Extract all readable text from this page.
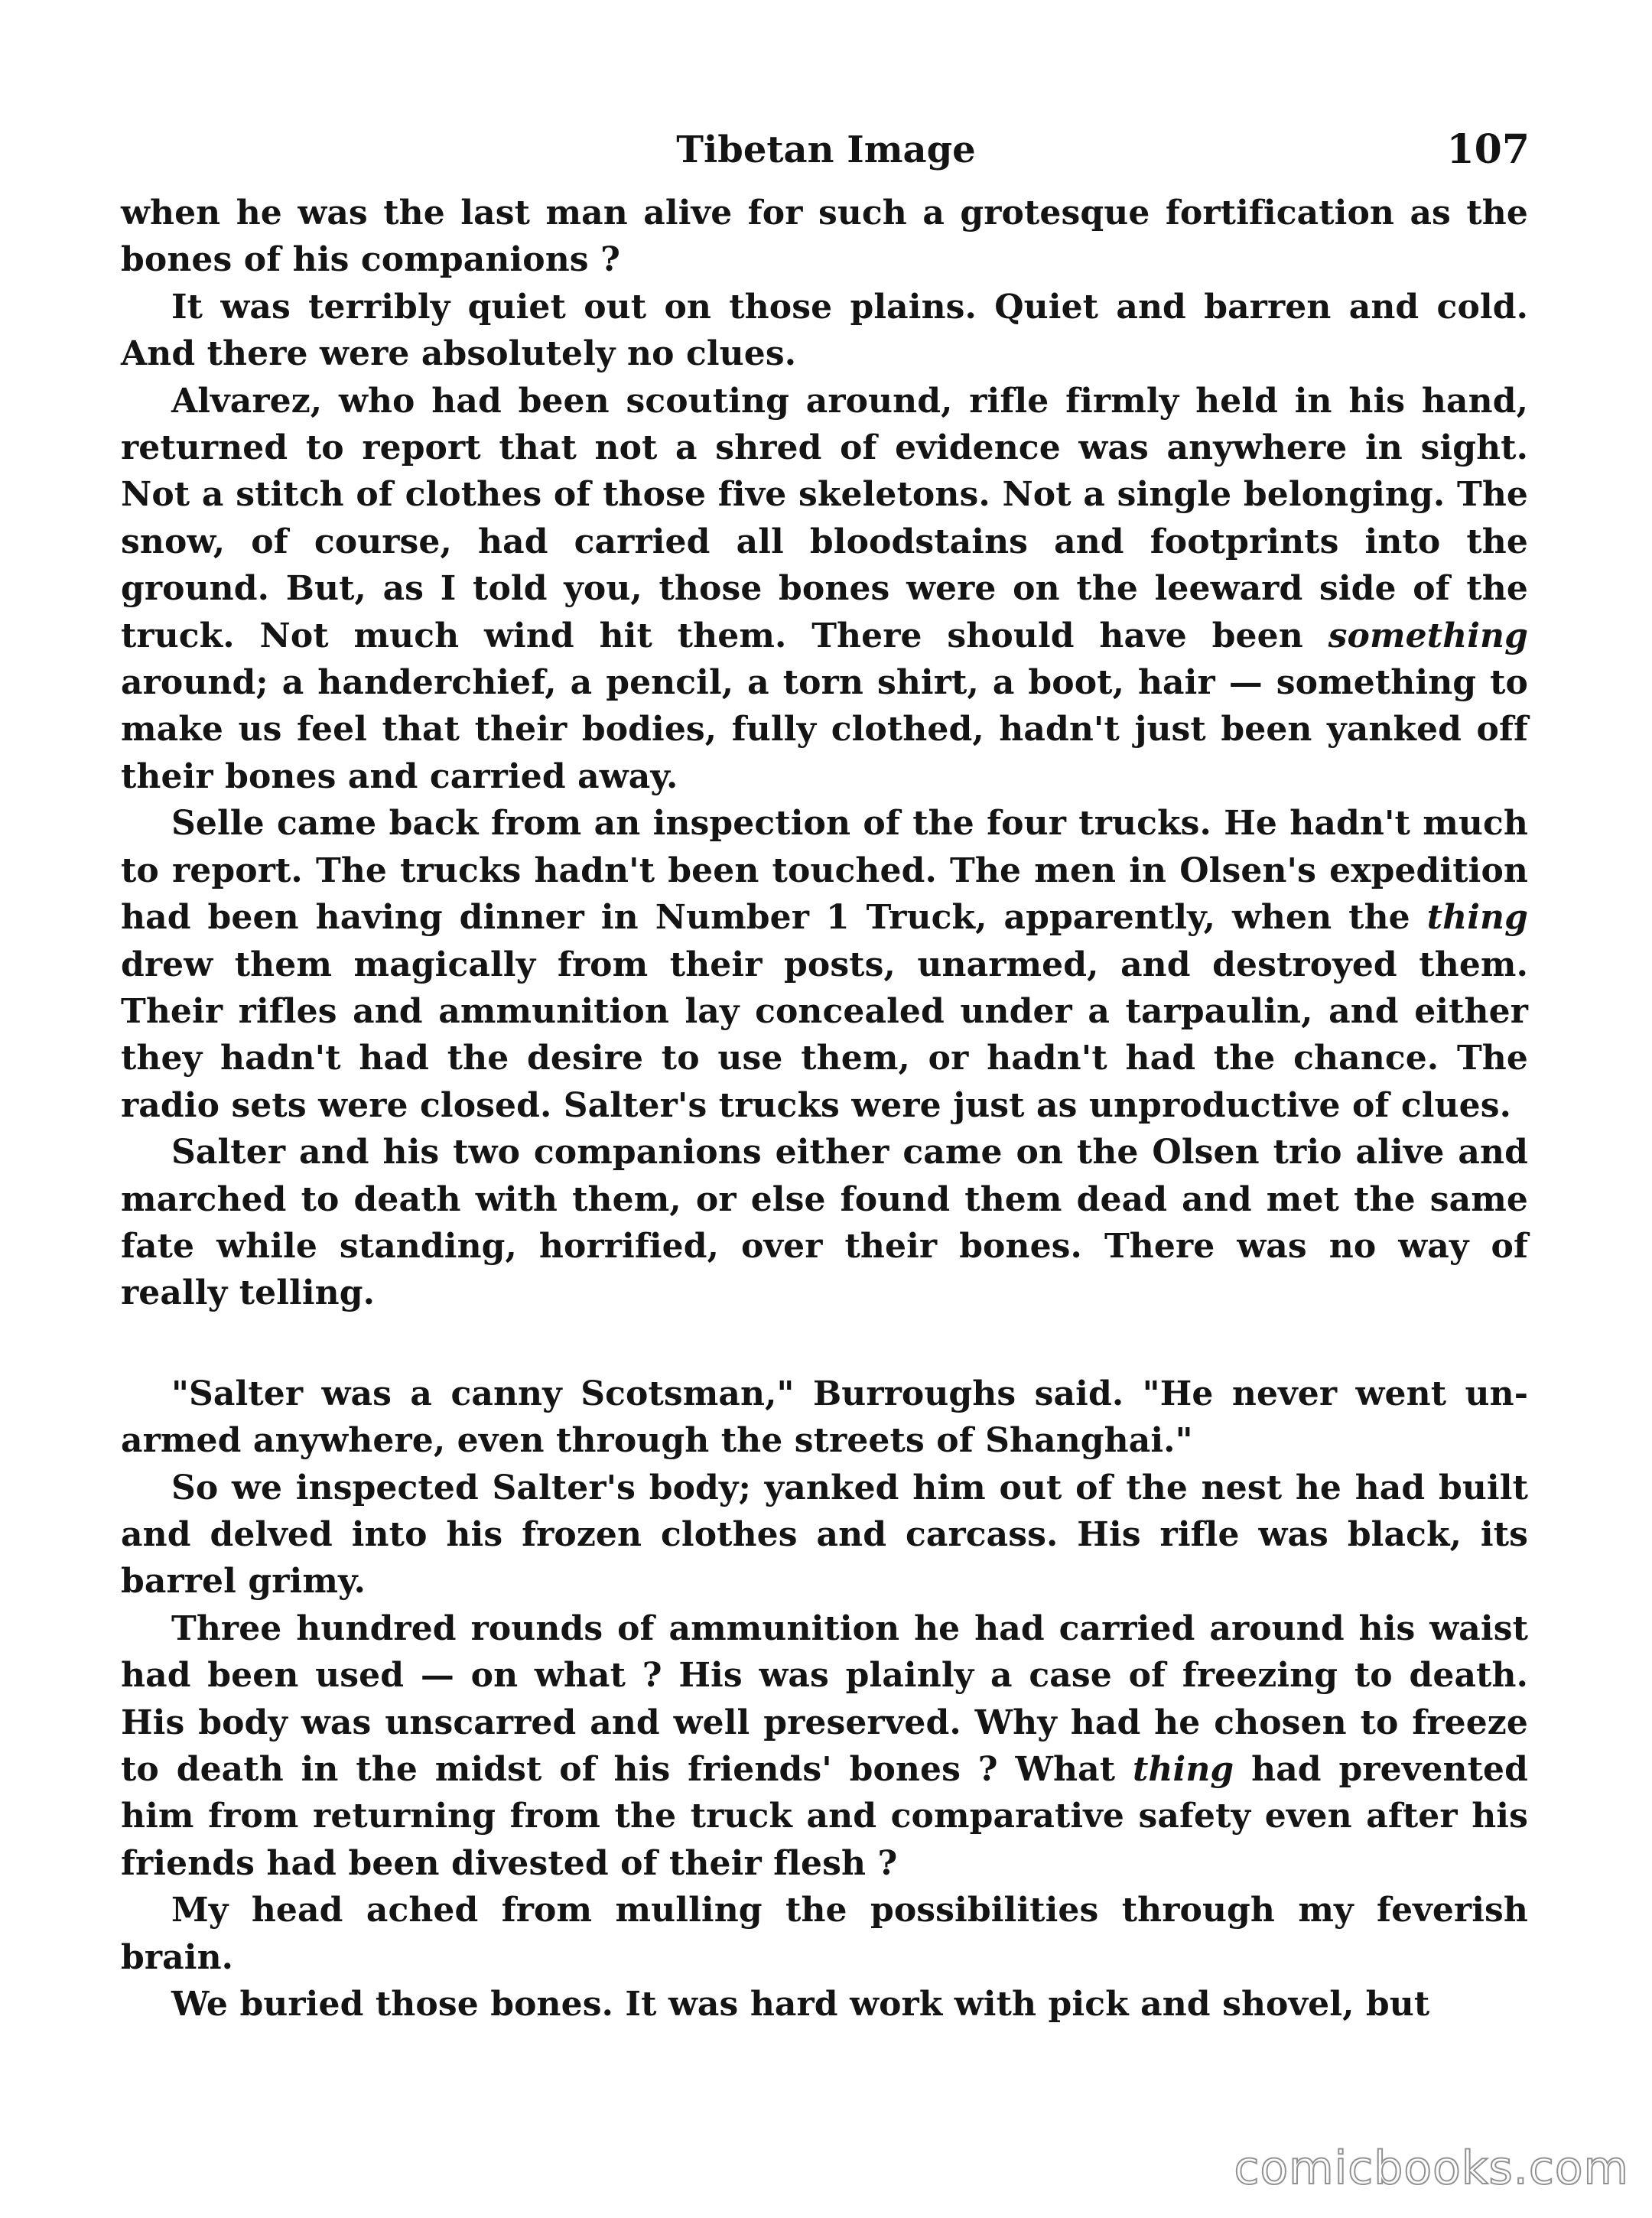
Tibetan Image	107

when he was the last man alive for such a grotesque fortification as the bones of his companions ?

It was terribly quiet out on those plains. Quiet and barren and cold. And there were absolutely no clues.

Alvarez, who had been scouting around, rifle firmly held in his hand, returned to report that not a shred of evidence was anywhere in sight. Not a stitch of clothes of those five skeletons. Not a single belonging. The snow, of course, had carried all bloodstains and footprints into the ground. But, as I told you, those bones were on the leeward side of the truck. Not much wind hit them. There should have been something around; a handerchief, a pencil, a torn shirt, a boot, hair — something to make us feel that their bodies, fully clothed, hadn't just been yanked off their bones and carried away.

Selle came back from an inspection of the four trucks. He hadn't much to report. The trucks hadn't been touched. The men in Olsen's expedition had been having dinner in Number 1 Truck, apparently, when the thing drew them magically from their posts, unarmed, and destroyed them. Their rifles and ammunition lay concealed under a tarpaulin, and either they hadn't had the desire to use them, or hadn't had the chance. The radio sets were closed. Salter's trucks were just as unproductive of clues.

Salter and his two companions either came on the Olsen trio alive and marched to death with them, or else found them dead and met the same fate while standing, horrified, over their bones. There was no way of really telling.

"Salter was a canny Scotsman," Burroughs said. "He never went unarmed anywhere, even through the streets of Shanghai."

So we inspected Salter's body; yanked him out of the nest he had built and delved into his frozen clothes and carcass. His rifle was black, its barrel grimy.

Three hundred rounds of ammunition he had carried around his waist had been used — on what ? His was plainly a case of freezing to death. His body was unscarred and well preserved. Why had he chosen to freeze to death in the midst of his friends' bones ? What thing had prevented him from returning from the truck and comparative safety even after his friends had been divested of their flesh ?

My head ached from mulling the possibilities through my feverish brain.

We buried those bones. It was hard work with pick and shovel, but

comicbooks.com
